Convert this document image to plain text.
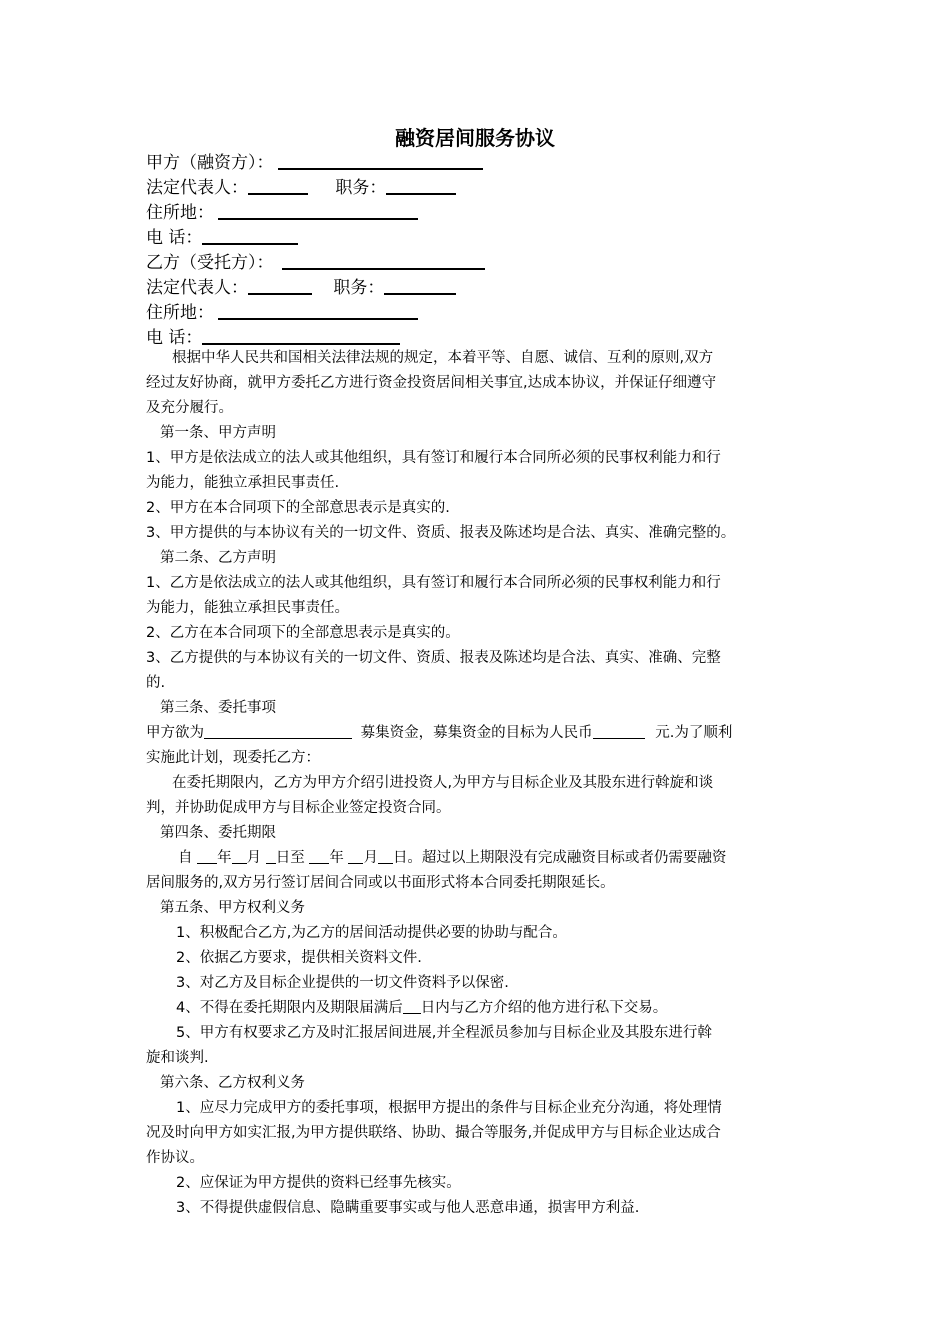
融资居间服务协议
甲方（融资方）：
法定代表人：	职务：
住所地：
电 话：
乙方（受托方）：
法定代表人：	职务：
住所地：
电 话：
根据中华人民共和国相关法律法规的规定，本着平等、自愿、诚信、互利的原则,双方
经过友好协商，就甲方委托乙方进行资金投资居间相关事宜,达成本协议，并保证仔细遵守
及充分履行。
第一条、甲方声明
1、甲方是依法成立的法人或其他组织，具有签订和履行本合同所必须的民事权利能力和行
为能力，能独立承担民事责任.
2、甲方在本合同项下的全部意思表示是真实的.
3、甲方提供的与本协议有关的一切文件、资质、报表及陈述均是合法、真实、准确完整的。
第二条、乙方声明
1、乙方是依法成立的法人或其他组织，具有签订和履行本合同所必须的民事权利能力和行
为能力，能独立承担民事责任。
2、乙方在本合同项下的全部意思表示是真实的。
3、乙方提供的与本协议有关的一切文件、资质、报表及陈述均是合法、真实、准确、完整
的.
第三条、委托事项
甲方欲为	募集资金，募集资金的目标为人民币	元.为了顺利
实施此计划，现委托乙方：
在委托期限内，乙方为甲方介绍引进投资人,为甲方与目标企业及其股东进行斡旋和谈
判，并协助促成甲方与目标企业签定投资合同。
第四条、委托期限
自 年 月 日至 年 月 日。超过以上期限没有完成融资目标或者仍需要融资
居间服务的,双方另行签订居间合同或以书面形式将本合同委托期限延长。
第五条、甲方权利义务
1、积极配合乙方,为乙方的居间活动提供必要的协助与配合。
2、依据乙方要求，提供相关资料文件.
3、对乙方及目标企业提供的一切文件资料予以保密.
4、不得在委托期限内及期限届满后 日内与乙方介绍的他方进行私下交易。
5、甲方有权要求乙方及时汇报居间进展,并全程派员参加与目标企业及其股东进行斡
旋和谈判.
第六条、乙方权利义务
1、应尽力完成甲方的委托事项，根据甲方提出的条件与目标企业充分沟通，将处理情
况及时向甲方如实汇报,为甲方提供联络、协助、撮合等服务,并促成甲方与目标企业达成合
作协议。
2、应保证为甲方提供的资料已经事先核实。
3、不得提供虚假信息、隐瞒重要事实或与他人恶意串通，损害甲方利益.
